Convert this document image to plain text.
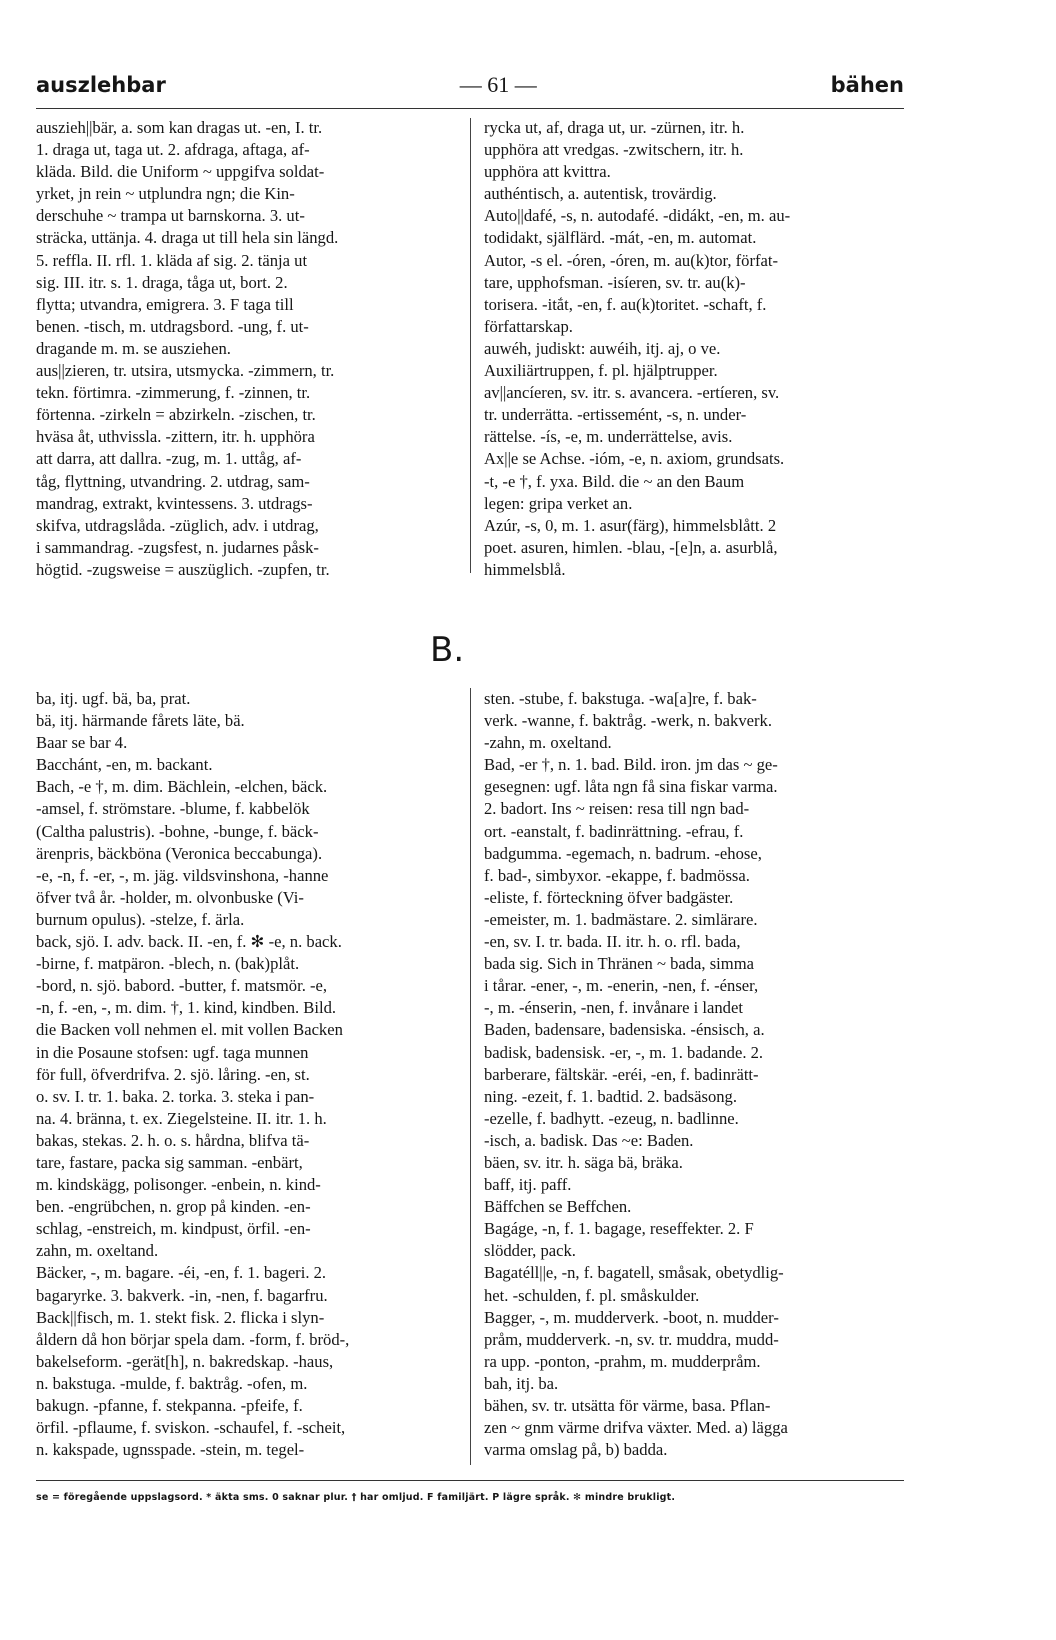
auszlehbar	— 61 —	bähen
auszieh||bär, a. som kan dragas ut. -en, I. tr.
1. draga ut, taga ut. 2. afdraga, aftaga, af-
kläda. Bild. die Uniform ~ uppgifva soldat-
yrket, jn rein ~ utplundra ngn; die Kin-
derschuhe ~ trampa ut barnskorna. 3. ut-
sträcka, uttänja. 4. draga ut till hela sin längd.
5. reffla. II. rfl. 1. kläda af sig. 2. tänja ut
sig. III. itr. s. 1. draga, tåga ut, bort. 2.
flytta; utvandra, emigrera. 3. F taga till
benen. -tisch, m. utdragsbord. -ung, f. ut-
dragande m. m. se ausziehen.
aus||zieren, tr. utsira, utsmycka. -zimmern, tr.
tekn. förtimra. -zimmerung, f. -zinnen, tr.
förtenna. -zirkeln = abzirkeln. -zischen, tr.
hväsa åt, uthvissla. -zittern, itr. h. upphöra
att darra, att dallra. -zug, m. 1. uttåg, af-
tåg, flyttning, utvandring. 2. utdrag, sam-
mandrag, extrakt, kvintessens. 3. utdrags-
skifva, utdragslåda. -züglich, adv. i utdrag,
i sammandrag. -zugsfest, n. judarnes påsk-
högtid. -zugsweise = auszüglich. -zupfen, tr.
rycka ut, af, draga ut, ur. -zürnen, itr. h.
upphöra att vredgas. -zwitschern, itr. h.
upphöra att kvittra.
authéntisch, a. autentisk, trovärdig.
Auto||dafé, -s, n. autodafé. -didákt, -en, m. au-
todidakt, själflärd. -mát, -en, m. automat.
Autor, -s el. -óren, -óren, m. au(k)tor, förfat-
tare, upphofsman. -isíeren, sv. tr. au(k)-
torisera. -itắt, -en, f. au(k)toritet. -schaft, f.
författarskap.
auwéh, judiskt: auwéih, itj. aj, o ve.
Auxiliärtruppen, f. pl. hjälptrupper.
av||ancíeren, sv. itr. s. avancera. -ertíeren, sv.
tr. underrätta. -ertissemént, -s, n. under-
rättelse. -ís, -e, m. underrättelse, avis.
Ax||e se Achse. -ióm, -e, n. axiom, grundsats.
-t, -e †, f. yxa. Bild. die ~ an den Baum
legen: gripa verket an.
Azúr, -s, 0, m. 1. asur(färg), himmelsblått. 2
poet. asuren, himlen. -blau, -[e]n, a. asurblå,
himmelsblå.
B.
ba, itj. ugf. bä, ba, prat.
bä, itj. härmande fårets läte, bä.
Baar se bar 4.
Bacchánt, -en, m. backant.
Bach, -e †, m. dim. Bächlein, -elchen, bäck.
-amsel, f. strömstare. -blume, f. kabbelök
(Caltha palustris). -bohne, -bunge, f. bäck-
ärenpris, bäckböna (Veronica beccabunga).
-e, -n, f. -er, -, m. jäg. vildsvinshona, -hanne
öfver två år. -holder, m. olvonbuske (Vi-
burnum opulus). -stelze, f. ärla.
back, sjö. I. adv. back. II. -en, f. ✻ -e, n. back.
-birne, f. matpäron. -blech, n. (bak)plåt.
-bord, n. sjö. babord. -butter, f. matsmör. -e,
-n, f. -en, -, m. dim. †, 1. kind, kindben. Bild.
die Backen voll nehmen el. mit vollen Backen
in die Posaune stofsen: ugf. taga munnen
för full, öfverdrifva. 2. sjö. låring. -en, st.
o. sv. I. tr. 1. baka. 2. torka. 3. steka i pan-
na. 4. bränna, t. ex. Ziegelsteine. II. itr. 1. h.
bakas, stekas. 2. h. o. s. hårdna, blifva tä-
tare, fastare, packa sig samman. -enbärt,
m. kindskägg, polisonger. -enbein, n. kind-
ben. -engrübchen, n. grop på kinden. -en-
schlag, -enstreich, m. kindpust, örfil. -en-
zahn, m. oxeltand.
Bäcker, -, m. bagare. -éi, -en, f. 1. bageri. 2.
bagaryrke. 3. bakverk. -in, -nen, f. bagarfru.
Back||fisch, m. 1. stekt fisk. 2. flicka i slyn-
åldern då hon börjar spela dam. -form, f. bröd-,
bakelseform. -gerät[h], n. bakredskap. -haus,
n. bakstuga. -mulde, f. baktråg. -ofen, m.
bakugn. -pfanne, f. stekpanna. -pfeife, f.
örfil. -pflaume, f. sviskon. -schaufel, f. -scheit,
n. kakspade, ugnsspade. -stein, m. tegel-
sten. -stube, f. bakstuga. -wa[a]re, f. bak-
verk. -wanne, f. baktråg. -werk, n. bakverk.
-zahn, m. oxeltand.
Bad, -er †, n. 1. bad. Bild. iron. jm das ~ ge-
gesegnen: ugf. låta ngn få sina fiskar varma.
2. badort. Ins ~ reisen: resa till ngn bad-
ort. -eanstalt, f. badinrättning. -efrau, f.
badgumma. -egemach, n. badrum. -ehose,
f. bad-, simbyxor. -ekappe, f. badmössa.
-eliste, f. förteckning öfver badgäster.
-emeister, m. 1. badmästare. 2. simlärare.
-en, sv. I. tr. bada. II. itr. h. o. rfl. bada,
bada sig. Sich in Thränen ~ bada, simma
i tårar. -ener, -, m. -enerin, -nen, f. -énser,
-, m. -énserin, -nen, f. invånare i landet
Baden, badensare, badensiska. -énsisch, a.
badisk, badensisk. -er, -, m. 1. badande. 2.
barberare, fältskär. -eréi, -en, f. badinrätt-
ning. -ezeit, f. 1. badtid. 2. badsäsong.
-ezelle, f. badhytt. -ezeug, n. badlinne.
-isch, a. badisk. Das ~e: Baden.
bäen, sv. itr. h. säga bä, bräka.
baff, itj. paff.
Bäffchen se Beffchen.
Bagáge, -n, f. 1. bagage, reseffekter. 2. F
slödder, pack.
Bagatéll||e, -n, f. bagatell, småsak, obetydlig-
het. -schulden, f. pl. småskulder.
Bagger, -, m. mudderverk. -boot, n. mudder-
pråm, mudderverk. -n, sv. tr. muddra, mudd-
ra upp. -ponton, -prahm, m. mudderpråm.
bah, itj. ba.
bähen, sv. tr. utsätta för värme, basa. Pflan-
zen ~ gnm värme drifva växter. Med. a) lägga
varma omslag på, b) badda.
se = föregående uppslagsord. * äkta sms. 0 saknar plur. † har omljud. F familjärt. P lägre språk. ✻ mindre brukligt.
